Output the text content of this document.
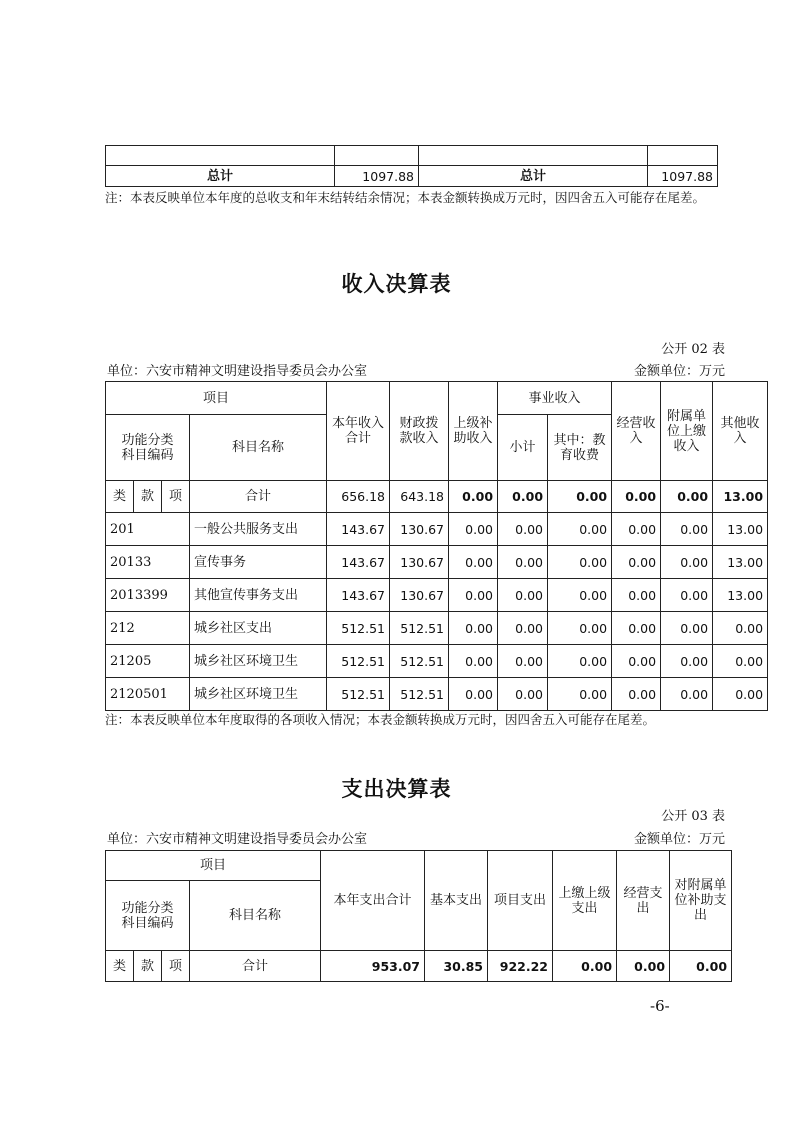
总计	1097.88	总计	1097.88

注：本表反映单位本年度的总收支和年末结转结余情况；本表金额转换成万元时，因四舍五入可能存在尾差。

收入决算表
公开 02 表
单位：六安市精神文明建设指导委员会办公室	金额单位：万元
项目				本年收入合计	财政拨款收入	上级补助收入	事业收入		经营收入	附属单位上缴收入	其他收入
功能分类科目编码			科目名称				小计	其中：教育收费			

类	款	项	合计	656.18	643.18	0.00	0.00	0.00	0.00	0.00	13.00
201			一般公共服务支出	143.67	130.67	0.00	0.00	0.00	0.00	0.00	13.00
20133			宣传事务	143.67	130.67	0.00	0.00	0.00	0.00	0.00	13.00
2013399			其他宣传事务支出	143.67	130.67	0.00	0.00	0.00	0.00	0.00	13.00
212			城乡社区支出	512.51	512.51	0.00	0.00	0.00	0.00	0.00	0.00
21205			城乡社区环境卫生	512.51	512.51	0.00	0.00	0.00	0.00	0.00	0.00
2120501			城乡社区环境卫生	512.51	512.51	0.00	0.00	0.00	0.00	0.00	0.00

注：本表反映单位本年度取得的各项收入情况；本表金额转换成万元时，因四舍五入可能存在尾差。

支出决算表
公开 03 表
单位：六安市精神文明建设指导委员会办公室	金额单位：万元
项目				本年支出合计	基本支出	项目支出	上缴上级支出	经营支出	对附属单位补助支出
功能分类科目编码			科目名称						
类	款	项	合计	953.07	30.85	922.22	0.00	0.00	0.00
-6-
